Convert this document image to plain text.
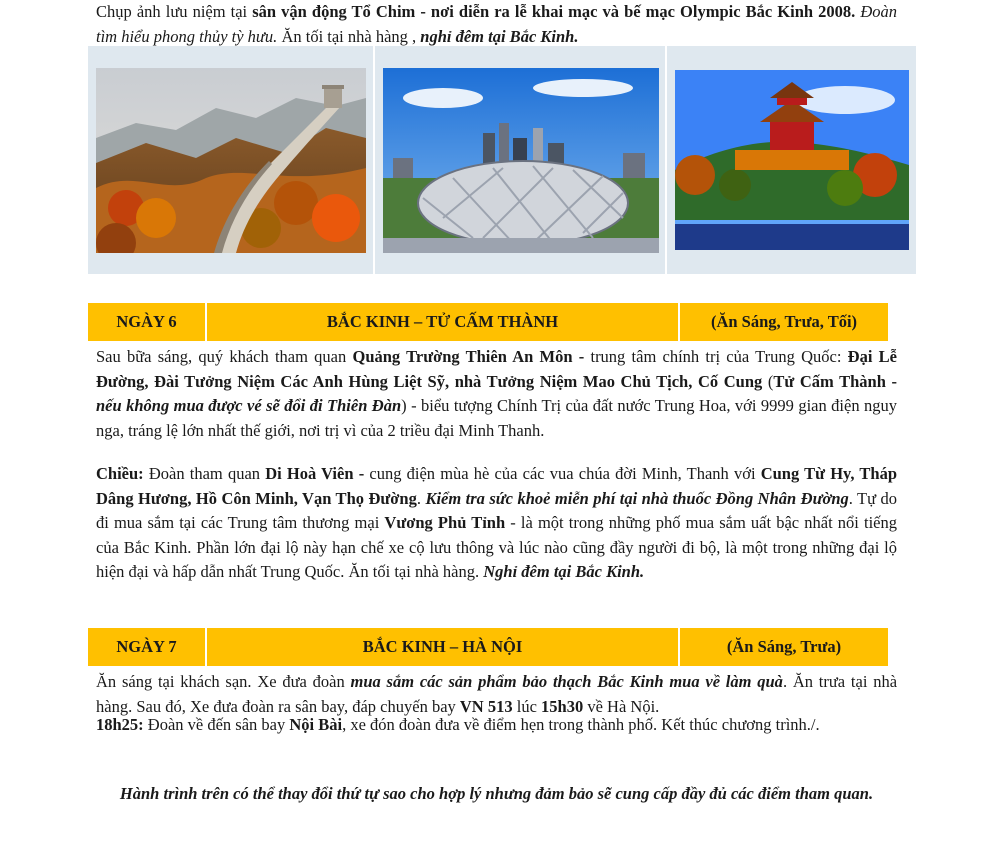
Chụp ảnh lưu niệm tại sân vận động Tổ Chim - nơi diễn ra lễ khai mạc và bế mạc Olympic Bắc Kinh 2008. Đoàn tìm hiểu phong thủy tỳ hưu. Ăn tối tại nhà hàng , nghỉ đêm tại Bắc Kinh.

NGÀY 6	BẮC KINH – TỬ CẤM THÀNH	(Ăn Sáng, Trưa, Tối)

Sau bữa sáng, quý khách tham quan Quảng Trường Thiên An Môn - trung tâm chính trị của Trung Quốc: Đại Lễ Đường, Đài Tưởng Niệm Các Anh Hùng Liệt Sỹ, nhà Tưởng Niệm Mao Chủ Tịch, Cố Cung (Tử Cấm Thành - nếu không mua được vé sẽ đổi đi Thiên Đàn) - biểu tượng Chính Trị của đất nước Trung Hoa, với 9999 gian điện nguy nga, tráng lệ lớn nhất thế giới, nơi trị vì của 2 triều đại Minh Thanh.

Chiều: Đoàn tham quan Di Hoà Viên - cung điện mùa hè của các vua chúa đời Minh, Thanh với Cung Từ Hy, Tháp Dâng Hương, Hồ Côn Minh, Vạn Thọ Đường. Kiểm tra sức khoẻ miễn phí tại nhà thuốc Đồng Nhân Đường. Tự do đi mua sắm tại các Trung tâm thương mại Vương Phủ Tỉnh - là một trong những phố mua sắm uất bậc nhất nổi tiếng của Bắc Kinh. Phần lớn đại lộ này hạn chế xe cộ lưu thông và lúc nào cũng đầy người đi bộ, là một trong những đại lộ hiện đại và hấp dẫn nhất Trung Quốc. Ăn tối tại nhà hàng. Nghỉ đêm tại Bắc Kinh.

NGÀY 7	BẮC KINH – HÀ NỘI	(Ăn Sáng, Trưa)

Ăn sáng tại khách sạn. Xe đưa đoàn mua sắm các sản phẩm bảo thạch Bắc Kinh mua về làm quà. Ăn trưa tại nhà hàng. Sau đó, Xe đưa đoàn ra sân bay, đáp chuyến bay VN 513 lúc 15h30 về Hà Nội.

18h25: Đoàn về đến sân bay Nội Bài, xe đón đoàn đưa về điểm hẹn trong thành phố. Kết thúc chương trình./.

Hành trình trên có thể thay đổi thứ tự sao cho hợp lý nhưng đảm bảo sẽ cung cấp đầy đủ các điểm tham quan.
